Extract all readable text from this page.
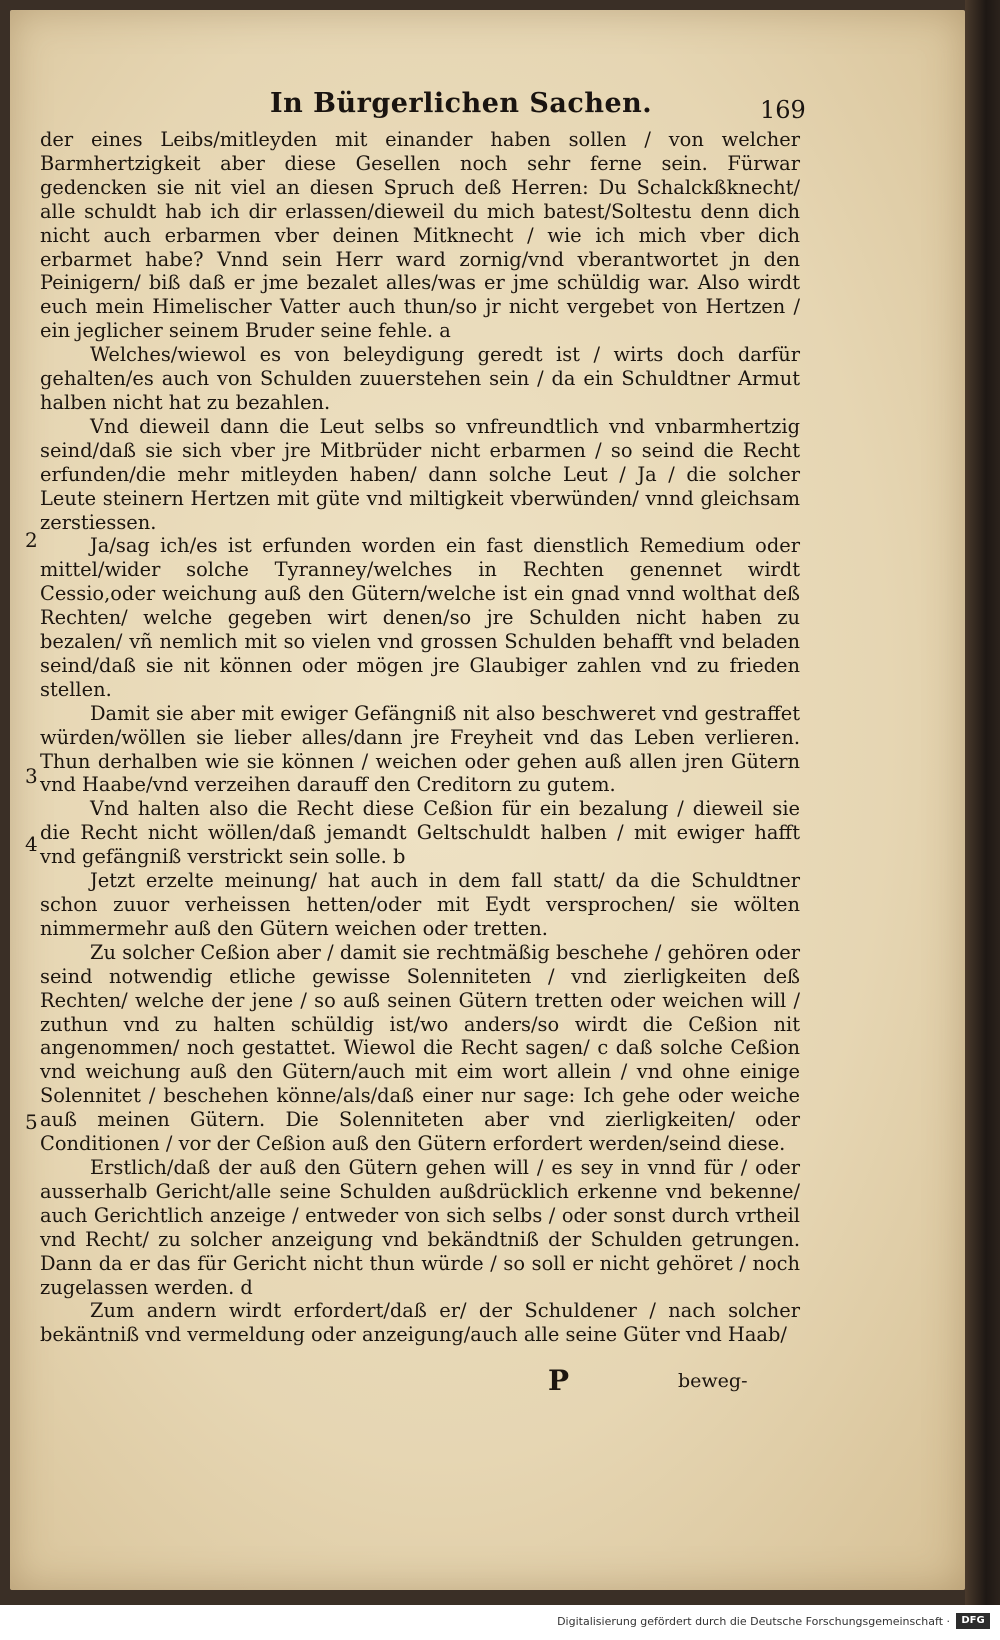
In Bürgerlichen Sachen.	169

der eines Leibs/mitleyden mit einander haben sollen / von welcher Barmhertzigkeit aber diese Gesellen noch sehr ferne sein. Fürwar gedencken sie nit viel an diesen Spruch deß Herren: Du Schalckßknecht/ alle schuldt hab ich dir erlassen/dieweil du mich batest/Soltestu denn dich nicht auch erbarmen vber deinen Mitknecht / wie ich mich vber dich erbarmet habe? Vnnd sein Herr ward zornig/vnd vberantwortet jn den Peinigern/ biß daß er jme bezalet alles/was er jme schüldig war. Also wirdt euch mein Himelischer Vatter auch thun/so jr nicht vergebet von Hertzen / ein jeglicher seinem Bruder seine fehle. a

Welches/wiewol es von beleydigung geredt ist / wirts doch darfür gehalten/es auch von Schulden zuuerstehen sein / da ein Schuldtner Armut halben nicht hat zu bezahlen.

Vnd dieweil dann die Leut selbs so vnfreundtlich vnd vnbarmhertzig seind/daß sie sich vber jre Mitbrüder nicht erbarmen / so seind die Recht erfunden/die mehr mitleyden haben/ dann solche Leut / Ja / die solcher Leute steinern Hertzen mit güte vnd miltigkeit vberwünden/ vnnd gleichsam zerstiessen.

Ja/sag ich/es ist erfunden worden ein fast dienstlich Remedium oder mittel/wider solche Tyranney/welches in Rechten genennet wirdt Cessio,oder weichung auß den Gütern/welche ist ein gnad vnnd wolthat deß Rechten/ welche gegeben wirt denen/so jre Schulden nicht haben zu bezalen/ vñ nemlich mit so vielen vnd grossen Schulden behafft vnd beladen seind/daß sie nit können oder mögen jre Glaubiger zahlen vnd zu frieden stellen.

Damit sie aber mit ewiger Gefängniß nit also beschweret vnd gestraffet würden/wöllen sie lieber alles/dann jre Freyheit vnd das Leben verlieren. Thun derhalben wie sie können / weichen oder gehen auß allen jren Gütern vnd Haabe/vnd verzeihen darauff den Creditorn zu gutem.

Vnd halten also die Recht diese Ceßion für ein bezalung / dieweil sie die Recht nicht wöllen/daß jemandt Geltschuldt halben / mit ewiger hafft vnd gefängniß verstrickt sein solle. b

Jetzt erzelte meinung/ hat auch in dem fall statt/ da die Schuldtner schon zuuor verheissen hetten/oder mit Eydt versprochen/ sie wölten nimmermehr auß den Gütern weichen oder tretten.

Zu solcher Ceßion aber / damit sie rechtmäßig beschehe / gehören oder seind notwendig etliche gewisse Solenniteten / vnd zierligkeiten deß Rechten/ welche der jene / so auß seinen Gütern tretten oder weichen will / zuthun vnd zu halten schüldig ist/wo anders/so wirdt die Ceßion nit angenommen/ noch gestattet. Wiewol die Recht sagen/ c daß solche Ceßion vnd weichung auß den Gütern/auch mit eim wort allein / vnd ohne einige Solennitet / beschehen könne/als/daß einer nur sage: Ich gehe oder weiche auß meinen Gütern. Die Solenniteten aber vnd zierligkeiten/ oder Conditionen / vor der Ceßion auß den Gütern erfordert werden/seind diese.

Erstlich/daß der auß den Gütern gehen will / es sey in vnnd für / oder ausserhalb Gericht/alle seine Schulden außdrücklich erkenne vnd bekenne/ auch Gerichtlich anzeige / entweder von sich selbs / oder sonst durch vrtheil vnd Recht/ zu solcher anzeigung vnd bekändtniß der Schulden getrungen. Dann da er das für Gericht nicht thun würde / so soll er nicht gehöret / noch zugelassen werden. d

Zum andern wirdt erfordert/daß er/ der Schuldener / nach solcher bekäntniß vnd vermeldung oder anzeigung/auch alle seine Güter vnd Haab/

2
3
4
5
P	beweg-
Digitalisierung gefördert durch die Deutsche Forschungsgemeinschaft ·	DFG
